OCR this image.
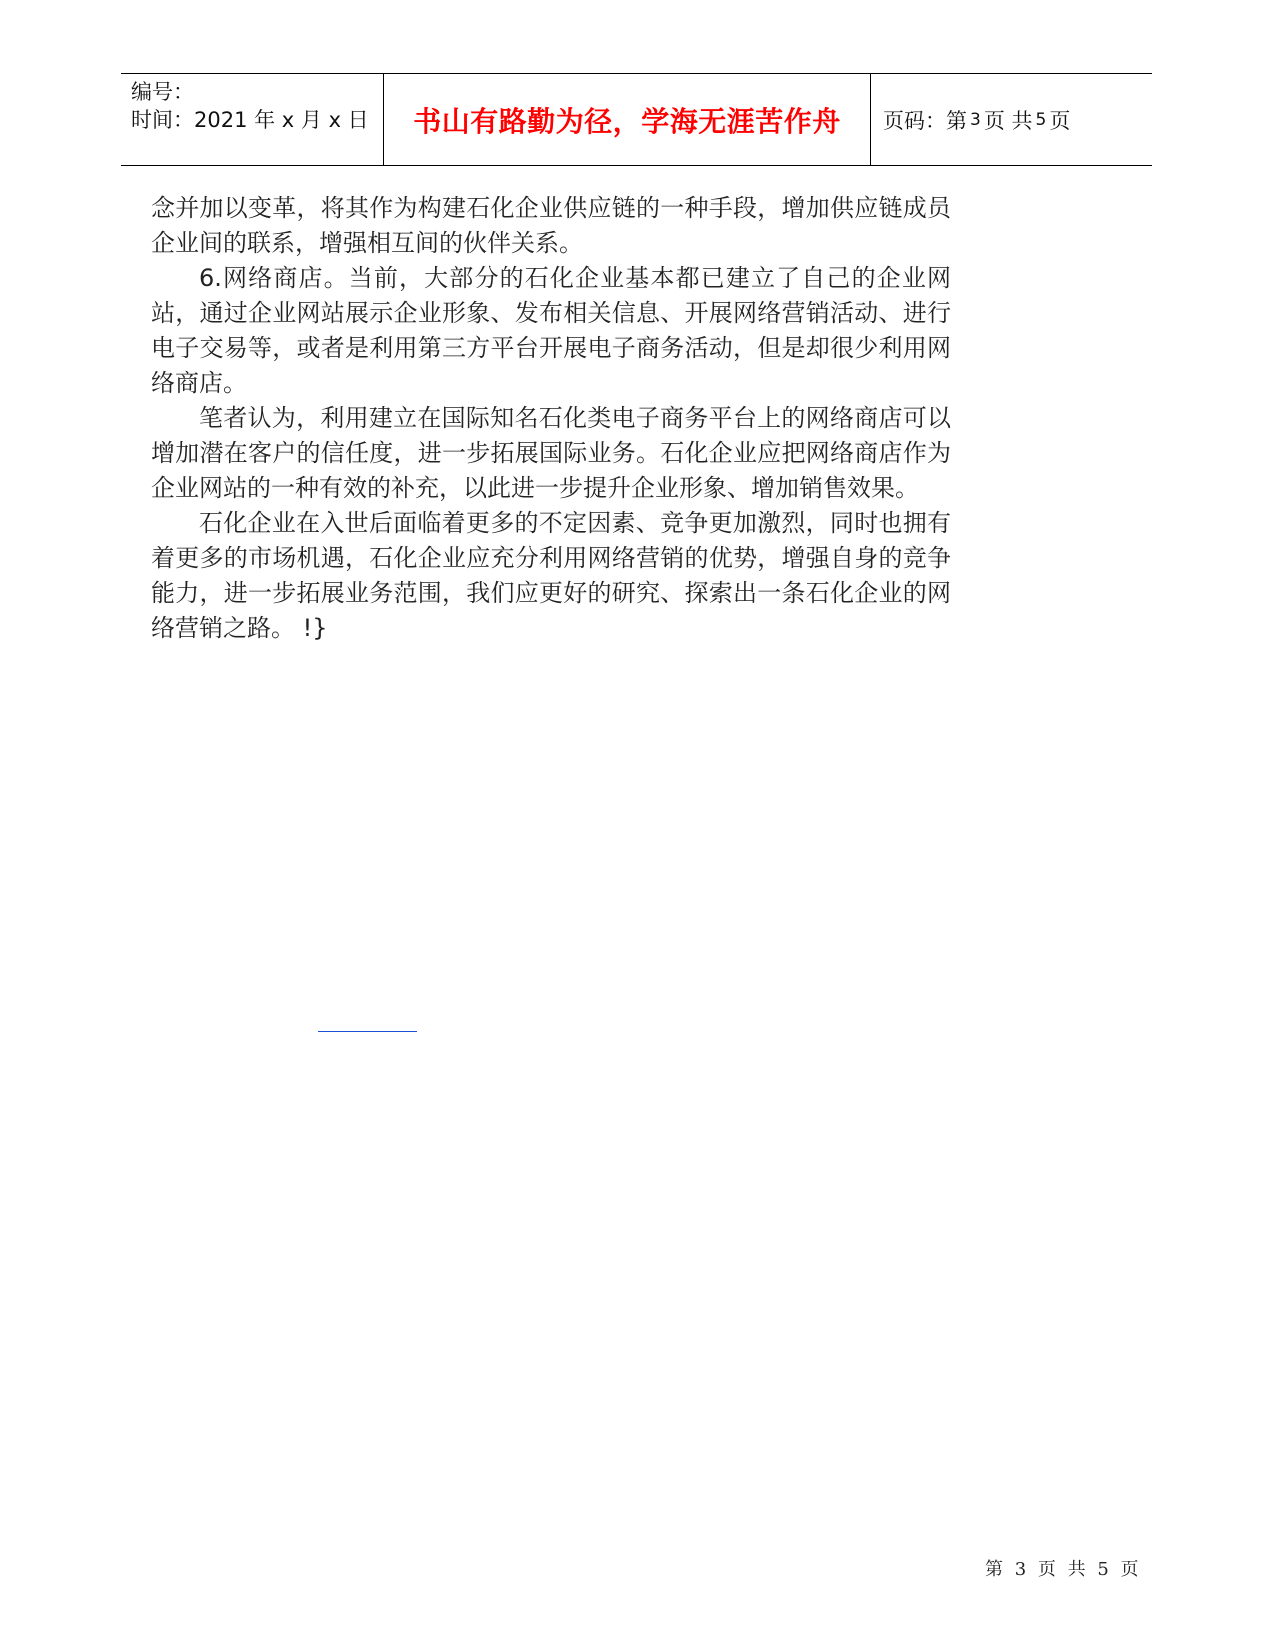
编号：
时间：2021 年 x 月 x 日	书山有路勤为径，学海无涯苦作舟 页码：第 3 页 共 5 页

念并加以变革，将其作为构建石化企业供应链的一种手段，增加供应链成员企业间的联系，增强相互间的伙伴关系。

6.网络商店。当前，大部分的石化企业基本都已建立了自己的企业网站，通过企业网站展示企业形象、发布相关信息、开展网络营销活动、进行电子交易等，或者是利用第三方平台开展电子商务活动，但是却很少利用网络商店。

笔者认为，利用建立在国际知名石化类电子商务平台上的网络商店可以增加潜在客户的信任度，进一步拓展国际业务。石化企业应把网络商店作为企业网站的一种有效的补充，以此进一步提升企业形象、增加销售效果。

石化企业在入世后面临着更多的不定因素、竞争更加激烈，同时也拥有着更多的市场机遇，石化企业应充分利用网络营销的优势，增强自身的竞争能力，进一步拓展业务范围，我们应更好的研究、探索出一条石化企业的网络营销之路。 !}

第 3 页 共 5 页
